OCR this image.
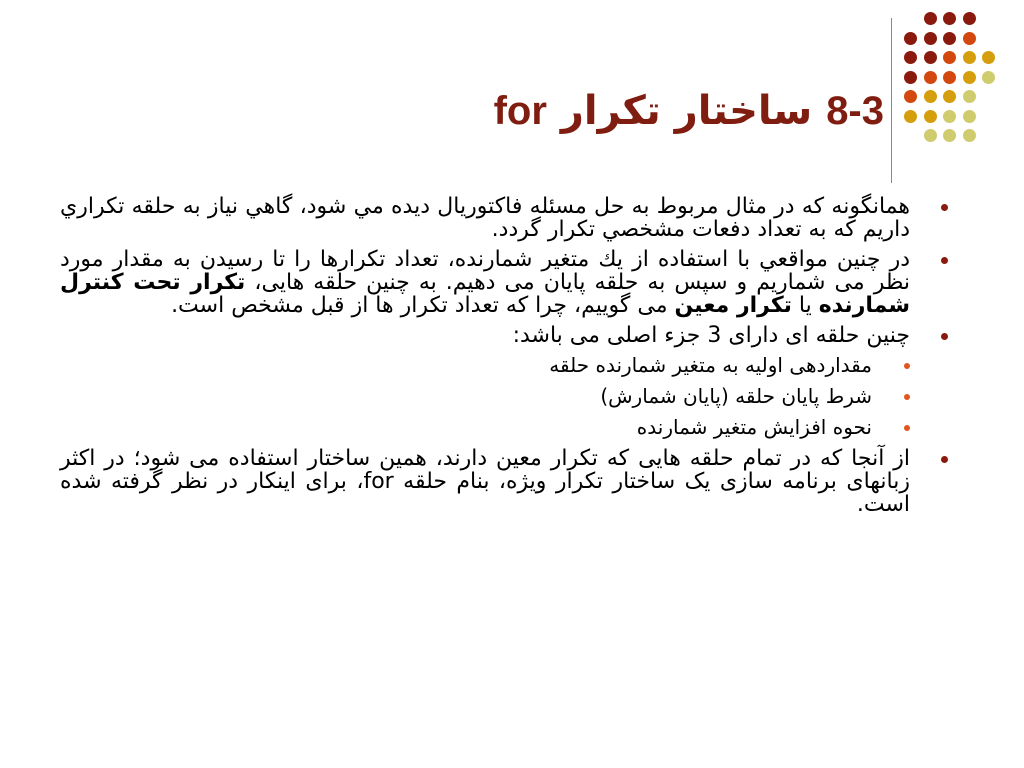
8-3 ساختار تکرار for
همانگونه که در مثال مربوط به حل مسئله فاکتوریال دیده مي شود، گاهي نیاز به حلقه تکراري داریم که به تعداد دفعات مشخصي تکرار گردد.
در چنین مواقعي با استفاده از يك متغیر شمارنده، تعداد تکرارها را تا رسیدن به مقدار مورد نظر می شماریم و سپس به حلقه پایان می دهیم. به چنین حلقه هایی، تکرار تحت کنترل شمارنده یا تکرار معین می گوییم، چرا که تعداد تکرار ها از قبل مشخص است.
چنین حلقه ای دارای 3 جزء اصلی می باشد:
مقداردهی اولیه به متغیر شمارنده حلقه
شرط پایان حلقه (پایان شمارش)
نحوه افزایش متغیر شمارنده
از آنجا که در تمام حلقه هایی که تکرار معین دارند، همین ساختار استفاده می شود؛ در اکثر زبانهای برنامه سازی یک ساختار تکرار ویژه، بنام حلقه for، برای اینکار در نظر گرفته شده است.
